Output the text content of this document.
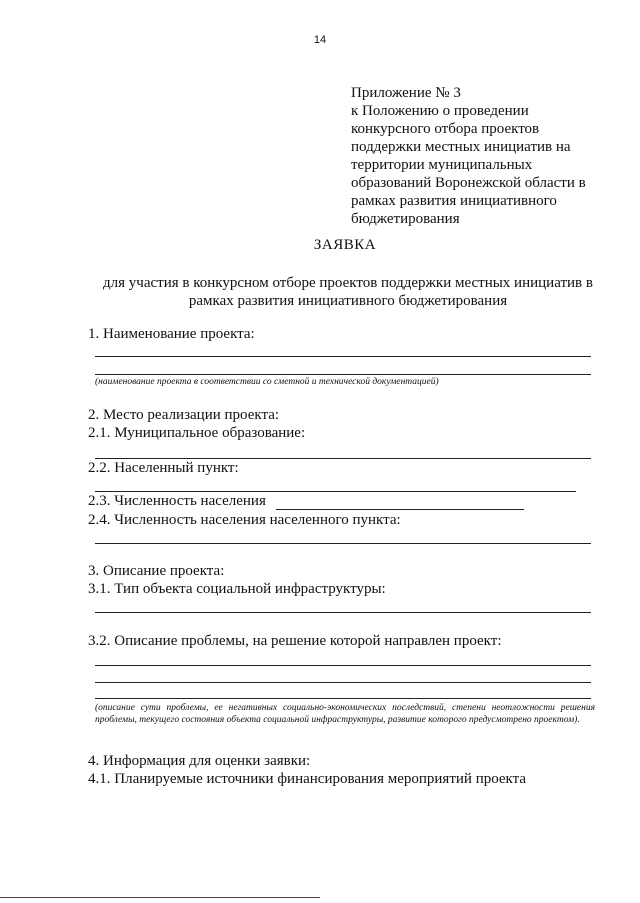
14
Приложение № 3
к Положению о проведении
конкурсного отбора проектов
поддержки местных инициатив на
территории муниципальных
образований Воронежской области в
рамках развития инициативного
бюджетирования
ЗАЯВКА
для участия в конкурсном отборе проектов поддержки местных инициатив в рамках развития инициативного бюджетирования
1. Наименование проекта:
(наименование проекта в соответствии со сметной и технической документацией)
2. Место реализации проекта:
2.1. Муниципальное образование:
2.2. Населенный пункт:
2.3. Численность населения
2.4. Численность населения населенного пункта:
3. Описание проекта:
3.1. Тип объекта социальной инфраструктуры:
3.2. Описание проблемы, на решение которой направлен проект:
(описание сути проблемы, ее негативных социально-экономических последствий, степени неотложности решения проблемы, текущего состояния объекта социальной инфраструктуры, развитие которого предусмотрено проектом).
4. Информация для оценки заявки:
4.1. Планируемые источники финансирования мероприятий проекта
